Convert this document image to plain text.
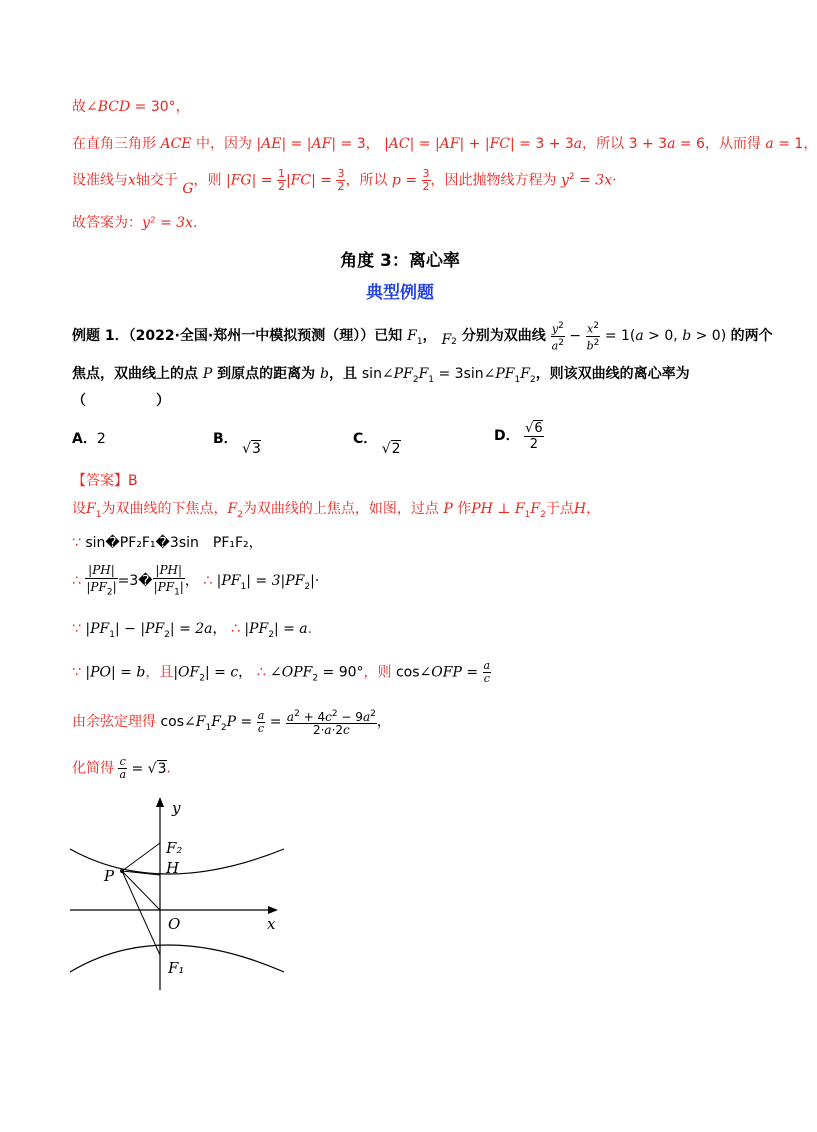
故∠BCD = 30°，
在直角三角形 ACE 中，因为 |AE| = |AF| = 3， |AC| = |AF| + |FC| = 3 + 3a，所以 3 + 3a = 6，从而得 a = 1，
设准线与x轴交于 G，则 $|FG| = \frac{1}{2} |FC| = \frac{3}{2}$ ，所以 $p = \frac{3}{2}$ ，因此抛物线方程为 $y^2 = 3x\cdot$
故答案为：y² = 3x．
角度 3：离心率
典型例题
例题 1．（2022·全国·郑州一中模拟预测（理））已知 $F_1$， $F_2$ 分别为双曲线 $\frac{y^2}{a^2} - \frac{x^2}{b^2} = 1(a > 0$, b > 0) 的两个
焦点，双曲线上的点 P 到原点的距离为 b，且 $\sin\angle PF_2F_1$ = $3\sin\angle PF_1F_2$，则该双曲线的离心率为
（　　　　　）
A．2	B． √3
C． √2
D． $\frac{√6}{2}$
【答案】B
设$F_1$为双曲线的下焦点，$F_2$为双曲线的上焦点，如图，过点 P 作PH ⊥ $F_1F_2$于点H，
∵ sin�PF₂F₁�3sin　PF₁F₂，
∴ $\frac{|PH|}{|PF_2|}$ =3� $\frac{|PH|}{|PF_1|}$ ， ∴ $|PF_1| = 3|PF_2|\cdot$
∵ $|PF_1| - |PF_2| = 2a$， ∴ $|PF_2| = a$．
∵ |PO| = b，且$|OF_2| = c$， ∴ $\angle OPF_2 = 90^\circ$，则 cos∠OFP = $\frac{a}{c}$
由余弦定理得 $\cos\angle F_1F_2P = \frac{a}{c} = \frac{a^2 + 4c^2 - 9a^2}{2\cdot a\cdot 2c}$ ，
化简得 $\frac{c}{a} = √3$．
y
x
F₂
H
P
O
F₁
